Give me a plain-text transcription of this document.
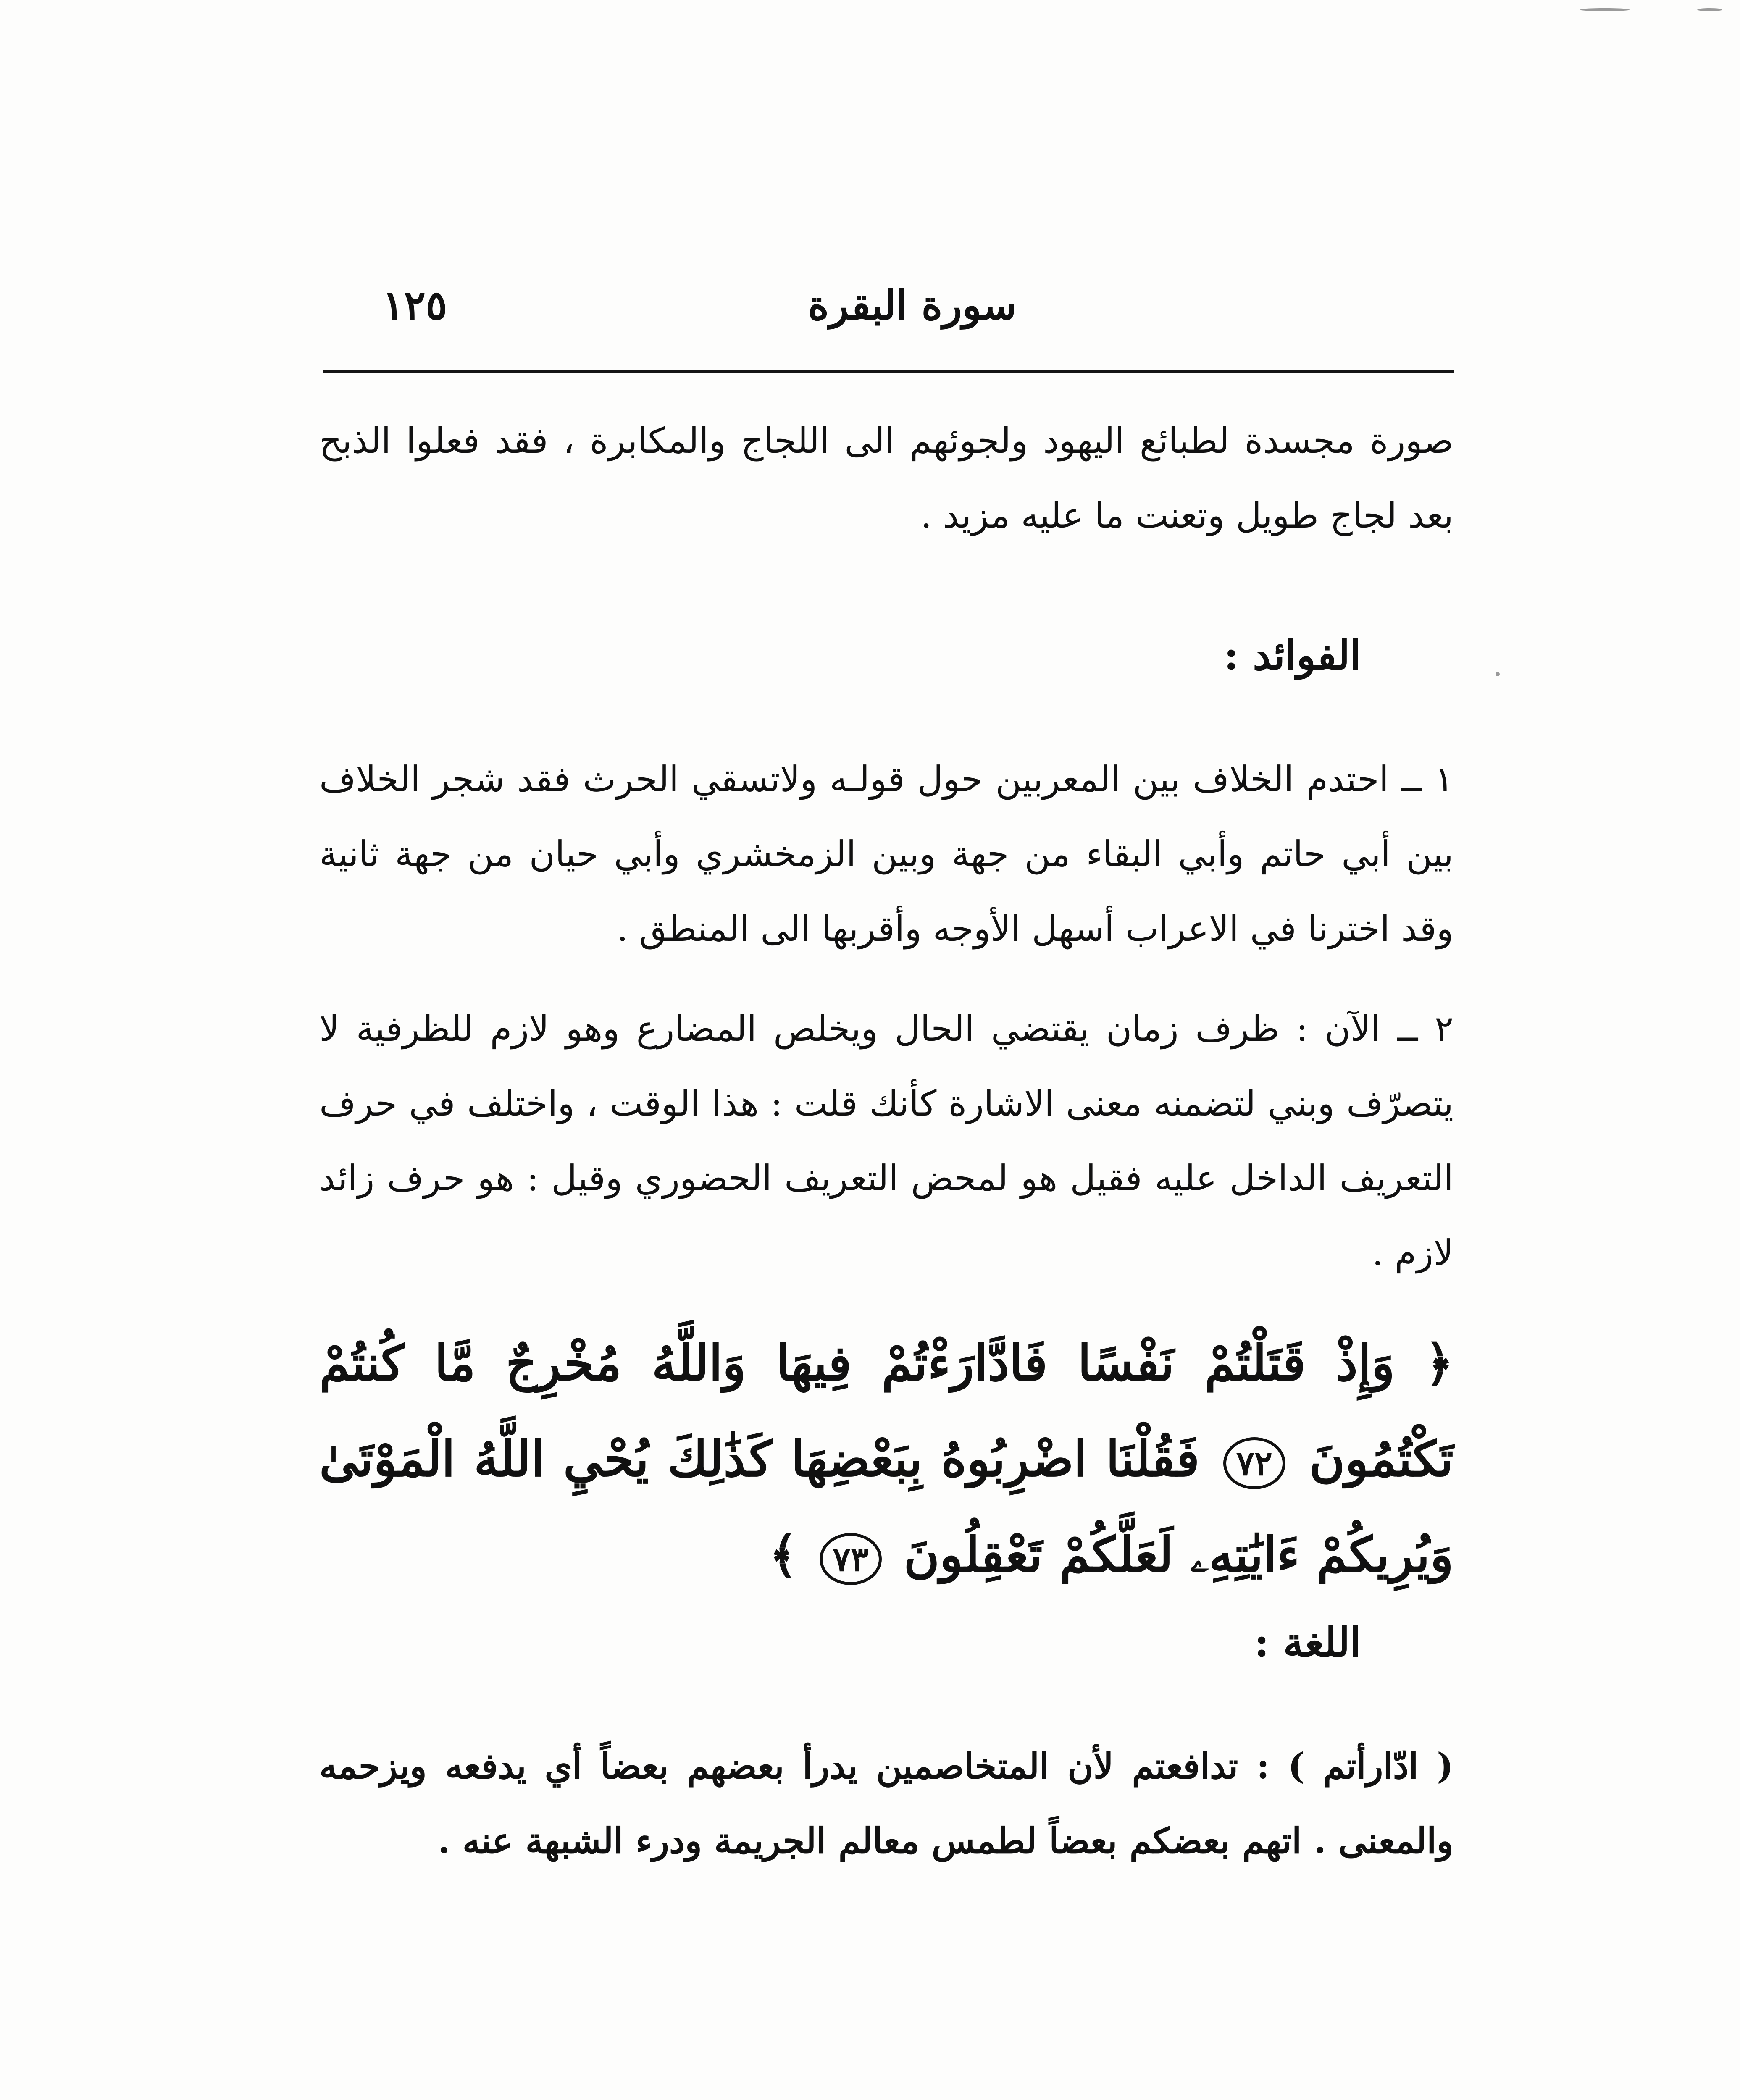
سورة البقرة
١٢٥

صورة مجسدة لطبائع اليهود ولجوئهم الى اللجاج والمكابرة ، فقد فعلوا الذبح بعد لجاج طويل وتعنت ما عليه مزيد .

الفوائد :

١ ــ احتدم الخلاف بين المعربين حول قولـه ولاتسقي الحرث فقد شجر الخلاف بين أبي حاتم وأبي البقاء من جهة وبين الزمخشري وأبي حيان من جهة ثانية وقد اخترنا في الاعراب أسهل الأوجه وأقربها الى المنطق .

٢ ــ الآن : ظرف زمان يقتضي الحال ويخلص المضارع وهو لازم للظرفية لا يتصرّف وبني لتضمنه معنى الاشارة كأنك قلت : هذا الوقت ، واختلف في حرف التعريف الداخل عليه فقيل هو لمحض التعريف الحضوري وقيل : هو حرف زائد لازم .

﴿ وَإِذْ قَتَلْتُمْ نَفْسًا فَادَّارَءْتُمْ فِيهَا وَاللَّهُ مُخْرِجٌ مَّا كُنتُمْ تَكْتُمُونَ ٧٢ فَقُلْنَا اضْرِبُوهُ بِبَعْضِهَا كَذَٰلِكَ يُحْيِ اللَّهُ الْمَوْتَىٰ وَيُرِيكُمْ ءَايَٰتِهِۦ لَعَلَّكُمْ تَعْقِلُونَ ٧٣ ﴾

اللغة :

( ادّارأتم ) : تدافعتم لأن المتخاصمين يدرأ بعضهم بعضاً أي يدفعه ويزحمه والمعنى . اتهم بعضكم بعضاً لطمس معالم الجريمة ودرء الشبهة عنه .
